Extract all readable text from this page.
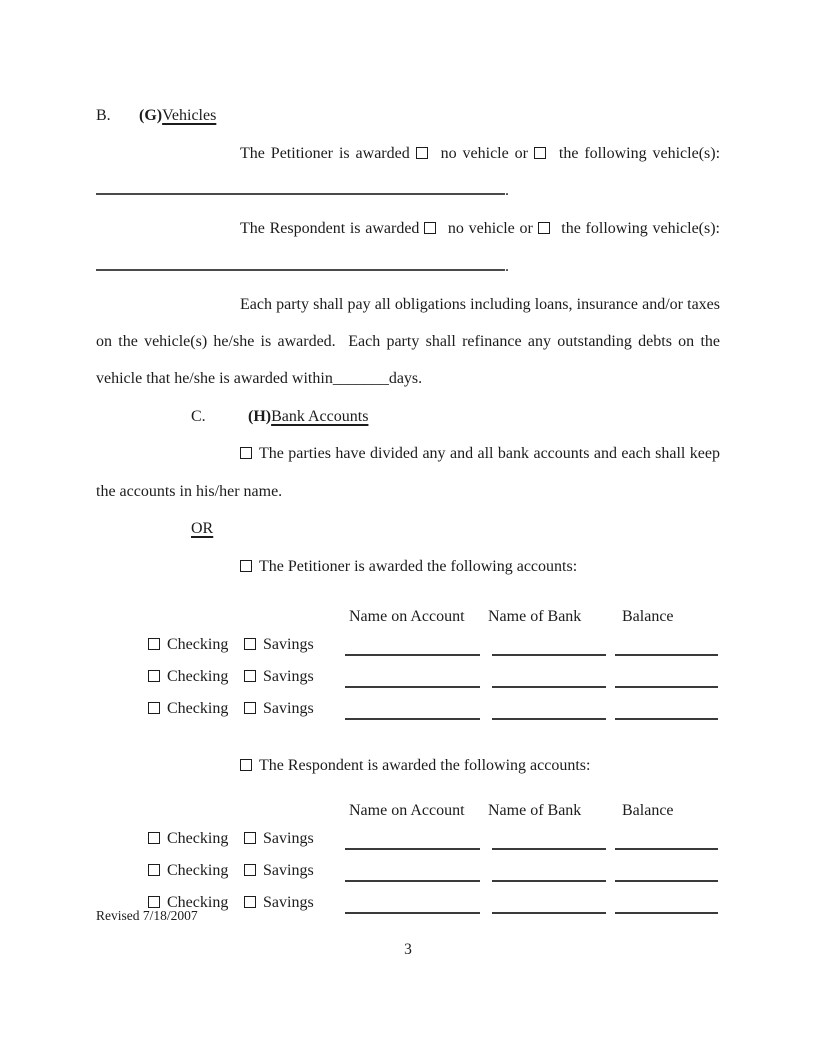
B. (G)Vehicles
The Petitioner is awarded no vehicle or the following vehicle(s):
.
The Respondent is awarded no vehicle or the following vehicle(s):
.
Each party shall pay all obligations including loans, insurance and/or taxes on the vehicle(s) he/she is awarded.  Each party shall refinance any outstanding debts on the vehicle that he/she is awarded within_______days.
C.	(H)Bank Accounts
The parties have divided any and all bank accounts and each shall keep the accounts in his/her name.
OR
The Petitioner is awarded the following accounts:
Name on Account Name of Bank	Balance
Checking	Savings
Checking	Savings
Checking	Savings
The Respondent is awarded the following accounts:
Name on Account Name of Bank	Balance
Checking	Savings
Checking	Savings
Checking	Savings
Revised 7/18/2007
3
